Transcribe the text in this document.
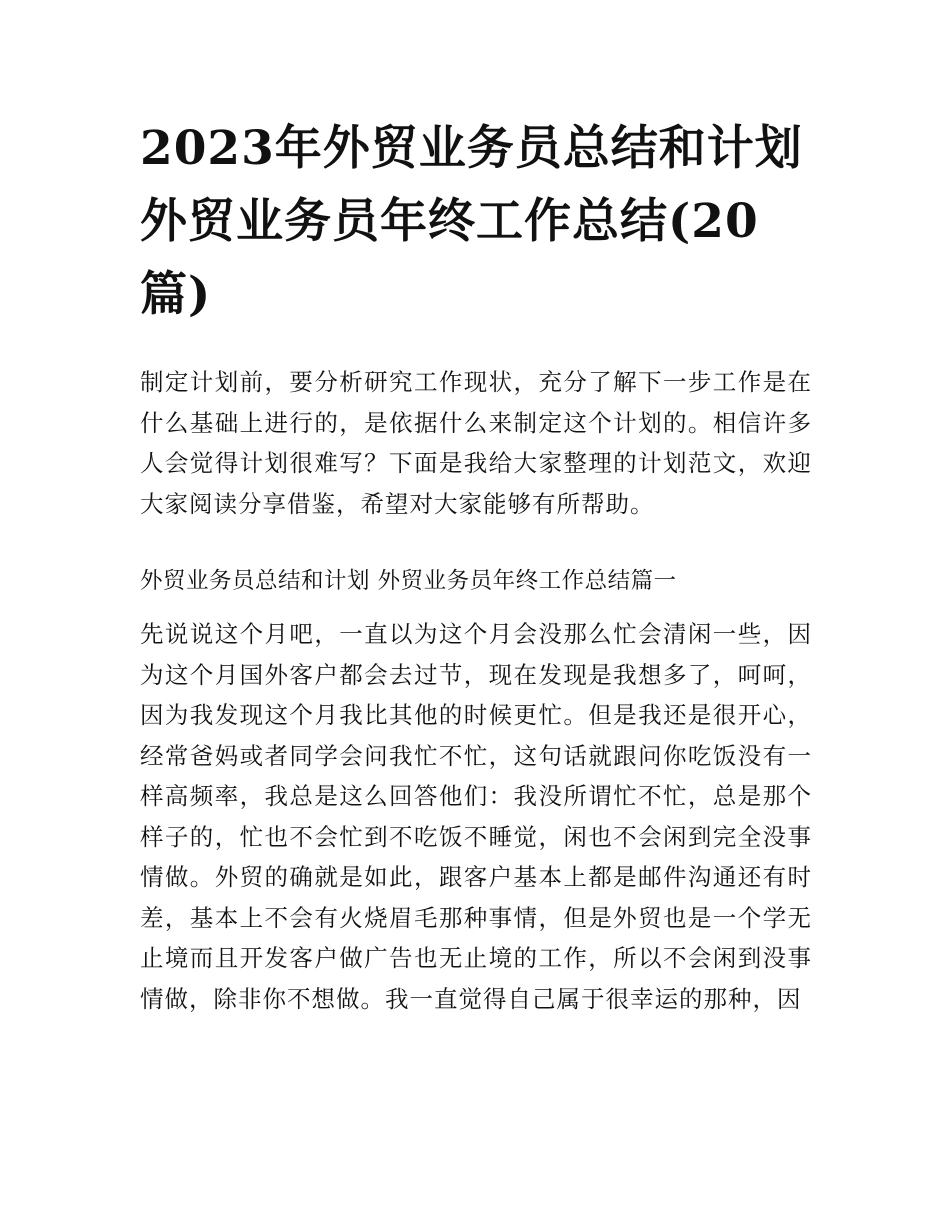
2023年外贸业务员总结和计划外贸业务员年终工作总结(20篇)

制定计划前，要分析研究工作现状，充分了解下一步工作是在什么基础上进行的，是依据什么来制定这个计划的。相信许多人会觉得计划很难写？下面是我给大家整理的计划范文，欢迎大家阅读分享借鉴，希望对大家能够有所帮助。

外贸业务员总结和计划 外贸业务员年终工作总结篇一

先说说这个月吧，一直以为这个月会没那么忙会清闲一些，因为这个月国外客户都会去过节，现在发现是我想多了，呵呵，因为我发现这个月我比其他的时候更忙。但是我还是很开心，经常爸妈或者同学会问我忙不忙，这句话就跟问你吃饭没有一样高频率，我总是这么回答他们：我没所谓忙不忙，总是那个样子的，忙也不会忙到不吃饭不睡觉，闲也不会闲到完全没事情做。外贸的确就是如此，跟客户基本上都是邮件沟通还有时差，基本上不会有火烧眉毛那种事情，但是外贸也是一个学无止境而且开发客户做广告也无止境的工作，所以不会闲到没事情做，除非你不想做。我一直觉得自己属于很幸运的那种，因
